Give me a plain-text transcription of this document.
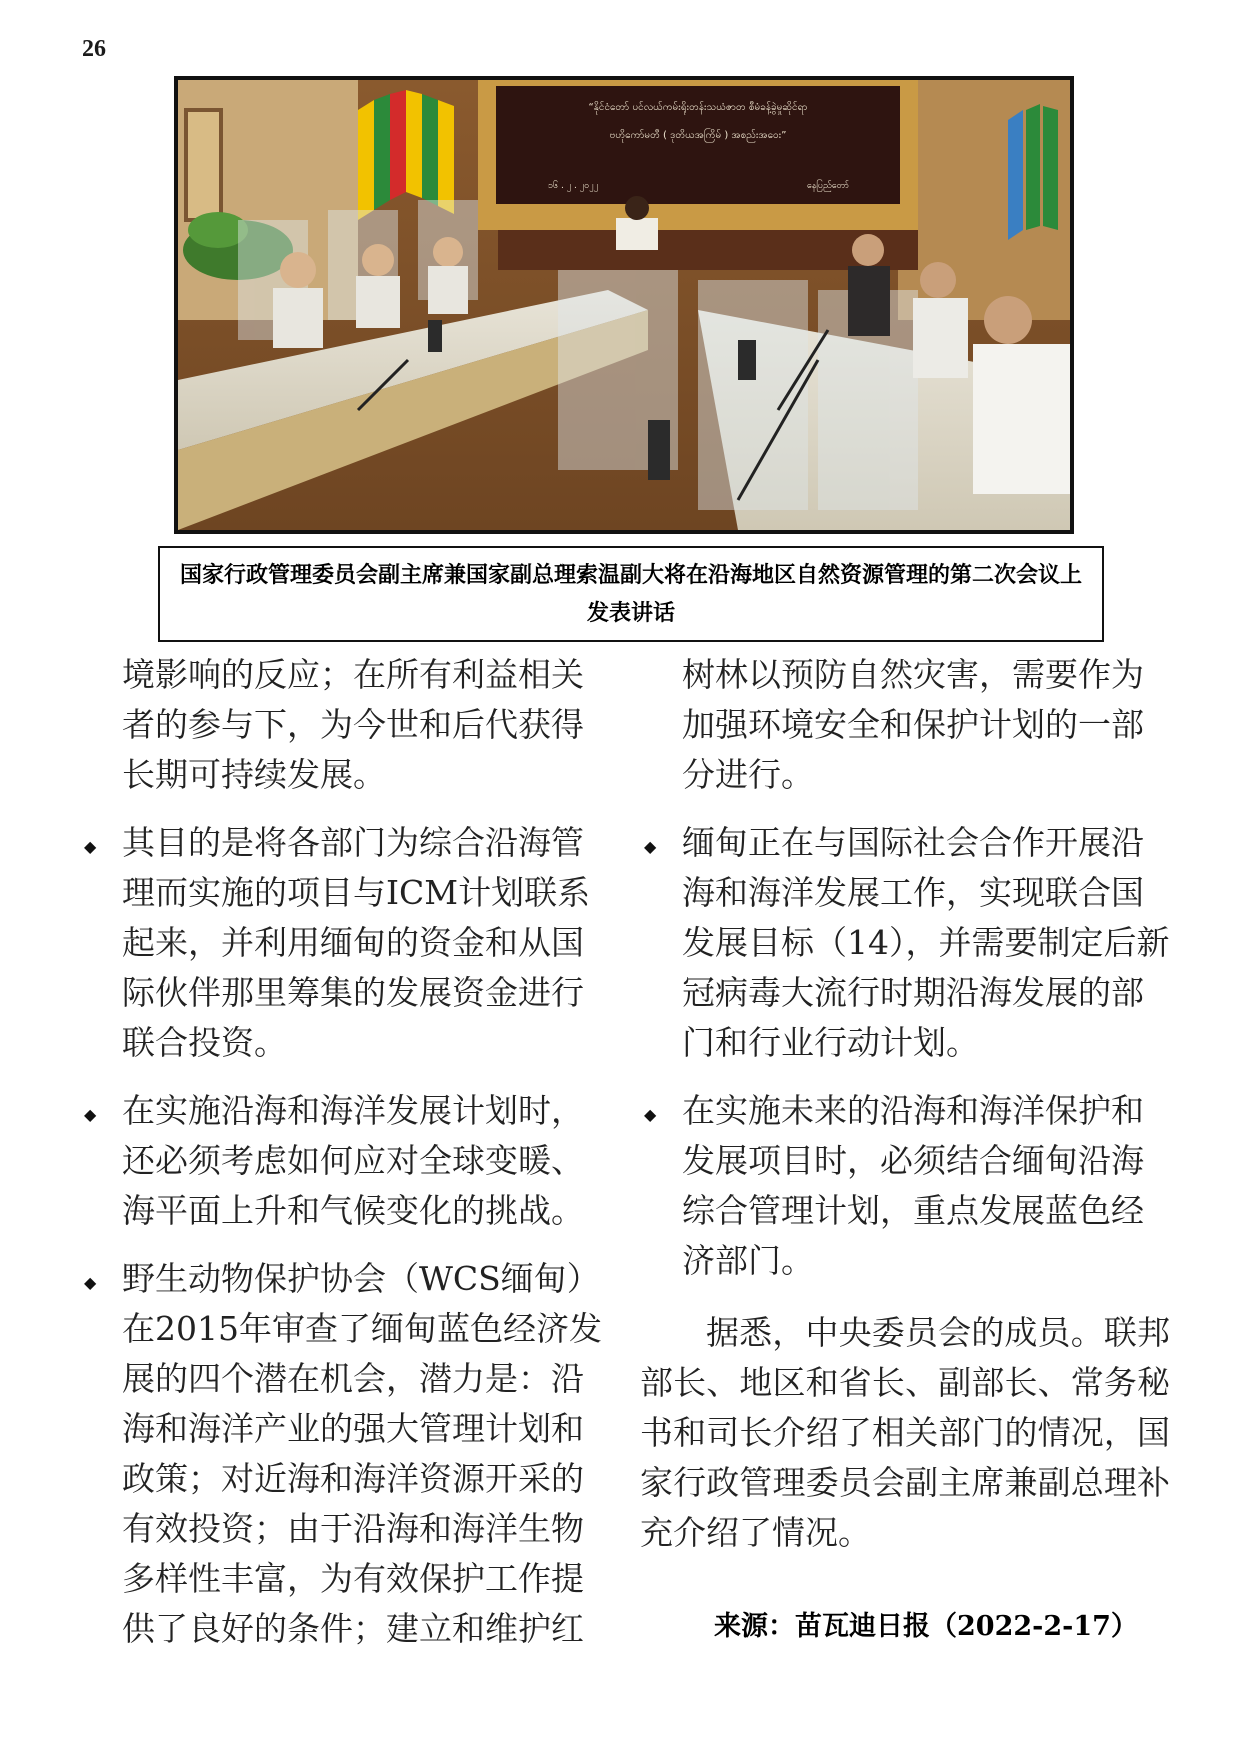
26
“နိုင်ငံတော် ပင်လယ်ကမ်းရိုးတန်းသယံဇာတ စီမံခန့်ခွဲမှုဆိုင်ရာ
ဗဟိုကော်မတီ ( ဒုတိယအကြိမ် ) အစည်းအဝေး”
၁၆ . ၂ . ၂၀၂၂	နေပြည်တော်
国家行政管理委员会副主席兼国家副总理索温副大将在沿海地区自然资源管理的第二次会议上发表讲话

境影响的反应；在所有利益相关者的参与下，为今世和后代获得长期可持续发展。

◆ 其目的是将各部门为综合沿海管理而实施的项目与ICM计划联系起来，并利用缅甸的资金和从国际伙伴那里筹集的发展资金进行联合投资。

◆ 在实施沿海和海洋发展计划时，还必须考虑如何应对全球变暖、海平面上升和气候变化的挑战。

◆ 野生动物保护协会（WCS缅甸）在2015年审查了缅甸蓝色经济发展的四个潜在机会，潜力是：沿海和海洋产业的强大管理计划和政策；对近海和海洋资源开采的有效投资；由于沿海和海洋生物多样性丰富，为有效保护工作提供了良好的条件；建立和维护红

树林以预防自然灾害，需要作为加强环境安全和保护计划的一部分进行。

◆ 缅甸正在与国际社会合作开展沿海和海洋发展工作，实现联合国发展目标（14），并需要制定后新冠病毒大流行时期沿海发展的部门和行业行动计划。

◆ 在实施未来的沿海和海洋保护和发展项目时，必须结合缅甸沿海综合管理计划，重点发展蓝色经济部门。

据悉，中央委员会的成员。联邦部长、地区和省长、副部长、常务秘书和司长介绍了相关部门的情况，国家行政管理委员会副主席兼副总理补充介绍了情况。

来源：苗瓦迪日报（2022-2-17）
